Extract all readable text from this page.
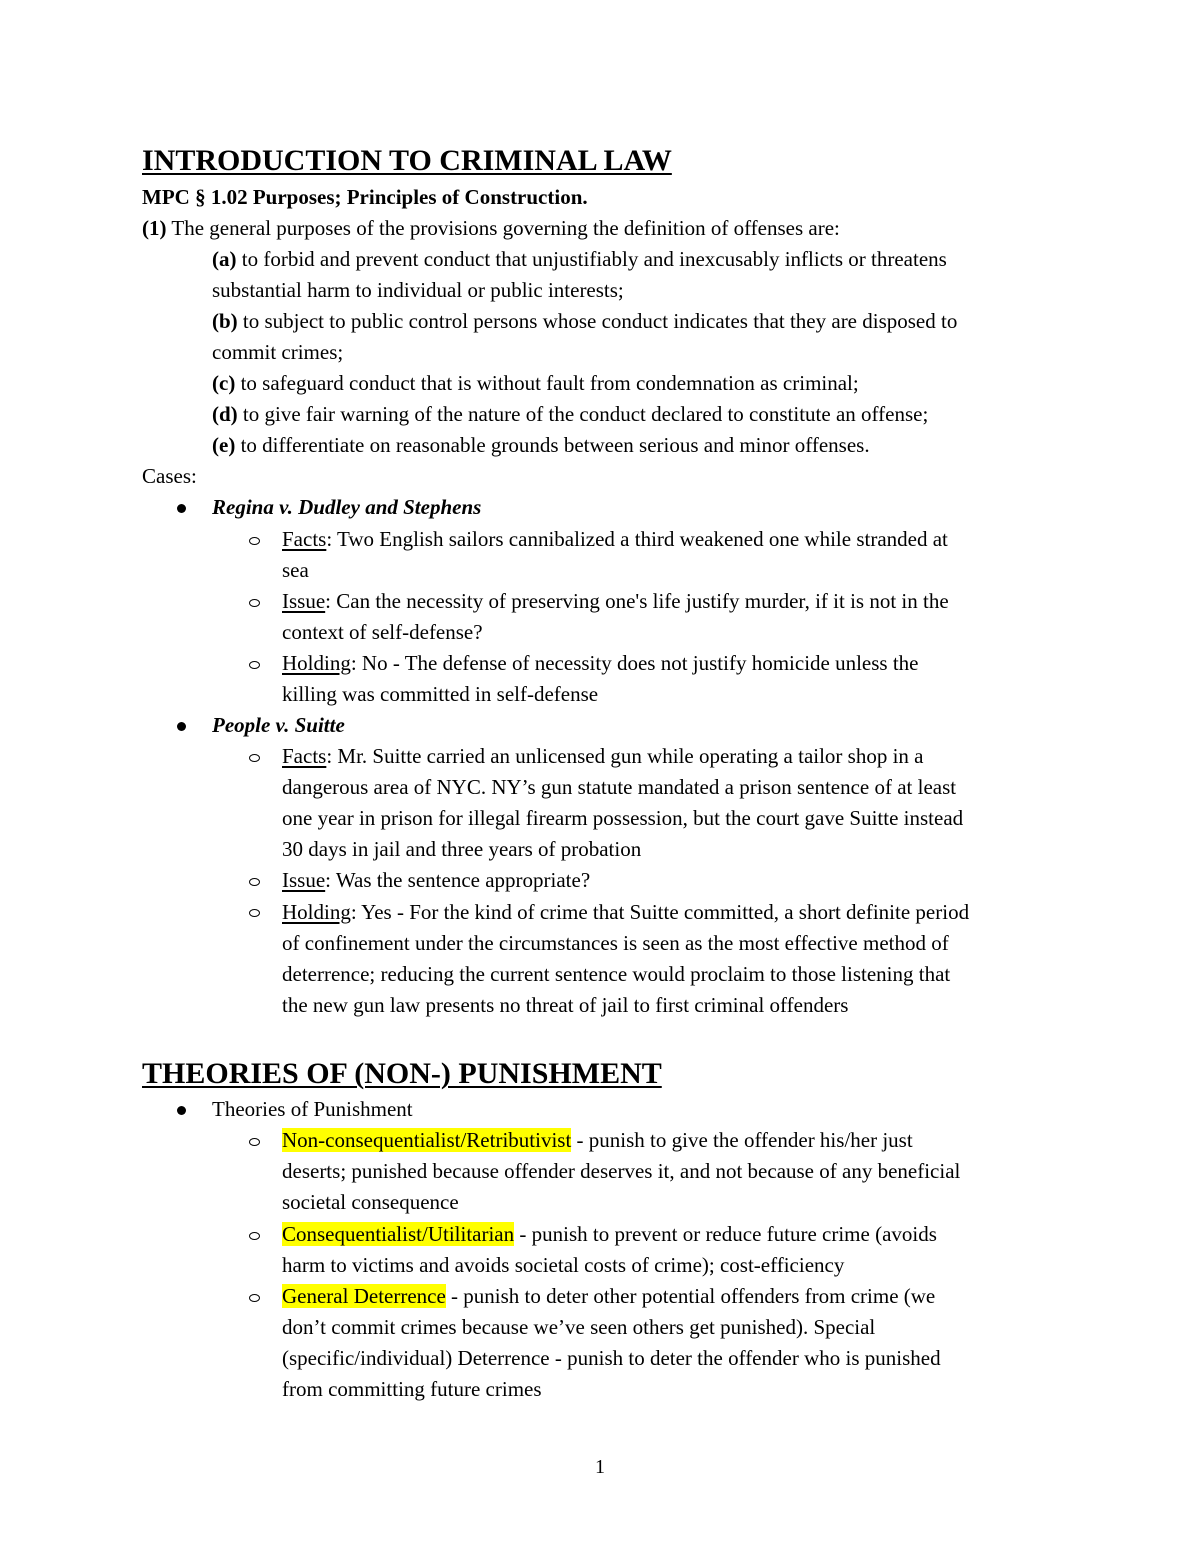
INTRODUCTION TO CRIMINAL LAW
MPC § 1.02 Purposes; Principles of Construction.
(1) The general purposes of the provisions governing the definition of offenses are:
(a) to forbid and prevent conduct that unjustifiably and inexcusably inflicts or threatens
substantial harm to individual or public interests;
(b) to subject to public control persons whose conduct indicates that they are disposed to
commit crimes;
(c) to safeguard conduct that is without fault from condemnation as criminal;
(d) to give fair warning of the nature of the conduct declared to constitute an offense;
(e) to differentiate on reasonable grounds between serious and minor offenses.
Cases:
Regina v. Dudley and Stephens
Facts: Two English sailors cannibalized a third weakened one while stranded at
sea
Issue: Can the necessity of preserving one's life justify murder, if it is not in the
context of self-defense?
Holding: No - The defense of necessity does not justify homicide unless the
killing was committed in self-defense
People v. Suitte
Facts: Mr. Suitte carried an unlicensed gun while operating a tailor shop in a
dangerous area of NYC. NY’s gun statute mandated a prison sentence of at least
one year in prison for illegal firearm possession, but the court gave Suitte instead
30 days in jail and three years of probation
Issue: Was the sentence appropriate?
Holding: Yes - For the kind of crime that Suitte committed, a short definite period
of confinement under the circumstances is seen as the most effective method of
deterrence; reducing the current sentence would proclaim to those listening that
the new gun law presents no threat of jail to first criminal offenders
THEORIES OF (NON-) PUNISHMENT
Theories of Punishment
Non-consequentialist/Retributivist - punish to give the offender his/her just
deserts; punished because offender deserves it, and not because of any beneficial
societal consequence
Consequentialist/Utilitarian - punish to prevent or reduce future crime (avoids
harm to victims and avoids societal costs of crime); cost-efficiency
General Deterrence - punish to deter other potential offenders from crime (we
don’t commit crimes because we’ve seen others get punished). Special
(specific/individual) Deterrence - punish to deter the offender who is punished
from committing future crimes
1
